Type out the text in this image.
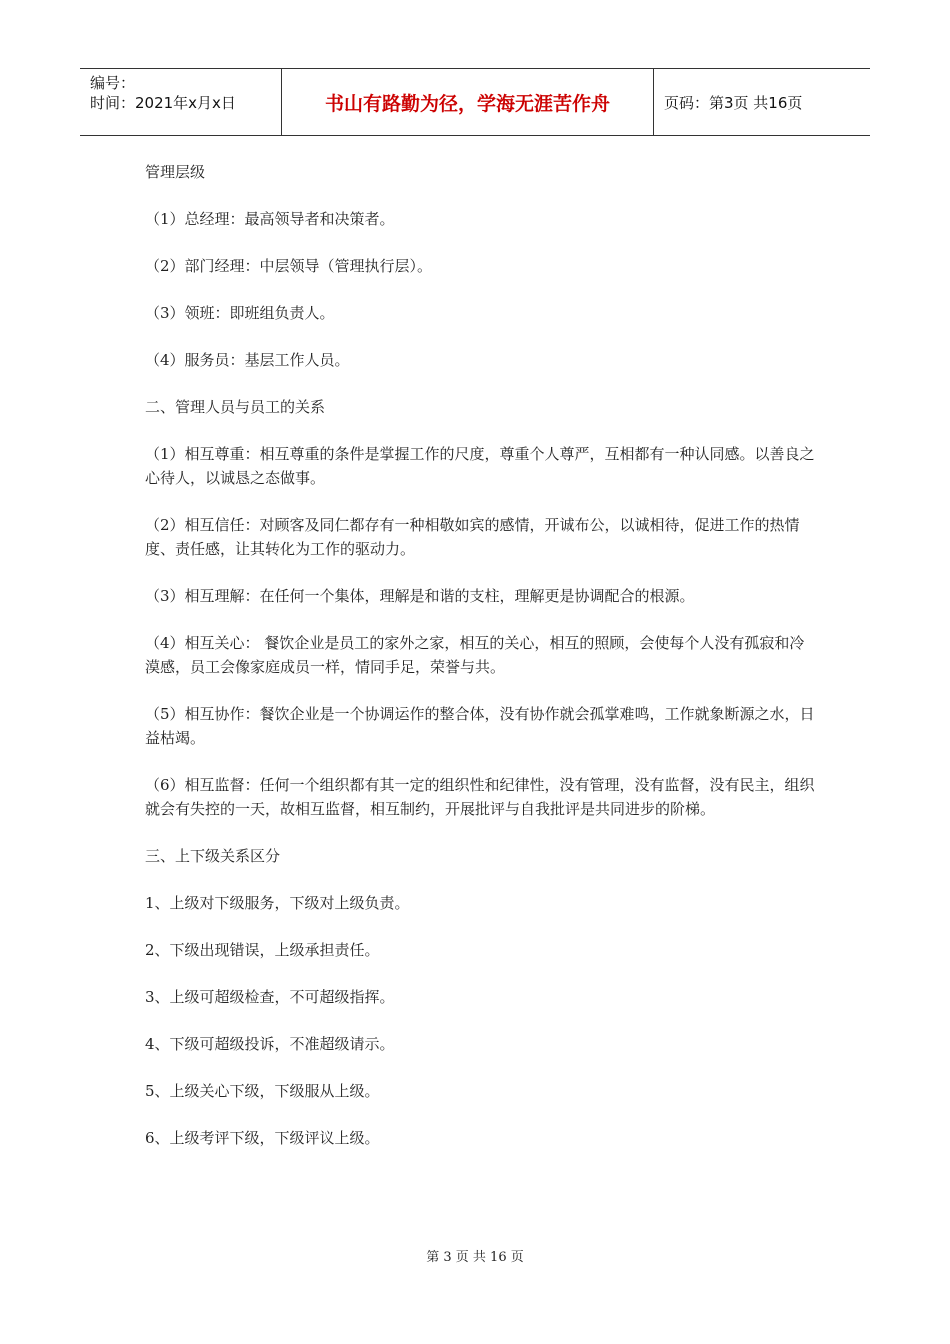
编号：
时间：2021年x月x日	书山有路勤为径，学海无涯苦作舟	页码：第3页 共16页

管理层级

（1）总经理：最高领导者和决策者。

（2）部门经理：中层领导（管理执行层）。

（3）领班：即班组负责人。

（4）服务员：基层工作人员。

二、管理人员与员工的关系

（1）相互尊重：相互尊重的条件是掌握工作的尺度，尊重个人尊严，互相都有一种认同感。以善良之心待人，以诚恳之态做事。

（2）相互信任：对顾客及同仁都存有一种相敬如宾的感情，开诚布公，以诚相待，促进工作的热情度、责任感，让其转化为工作的驱动力。

（3）相互理解：在任何一个集体，理解是和谐的支柱，理解更是协调配合的根源。

（4）相互关心： 餐饮企业是员工的家外之家，相互的关心，相互的照顾，会使每个人没有孤寂和冷漠感，员工会像家庭成员一样，情同手足，荣誉与共。

（5）相互协作：餐饮企业是一个协调运作的整合体，没有协作就会孤掌难鸣，工作就象断源之水，日益枯竭。

（6）相互监督：任何一个组织都有其一定的组织性和纪律性，没有管理，没有监督，没有民主，组织就会有失控的一天，故相互监督，相互制约，开展批评与自我批评是共同进步的阶梯。

三、上下级关系区分

1、上级对下级服务，下级对上级负责。

2、下级出现错误，上级承担责任。

3、上级可超级检查，不可超级指挥。

4、下级可超级投诉，不准超级请示。

5、上级关心下级，下级服从上级。

6、上级考评下级，下级评议上级。

第 3 页 共 16 页
